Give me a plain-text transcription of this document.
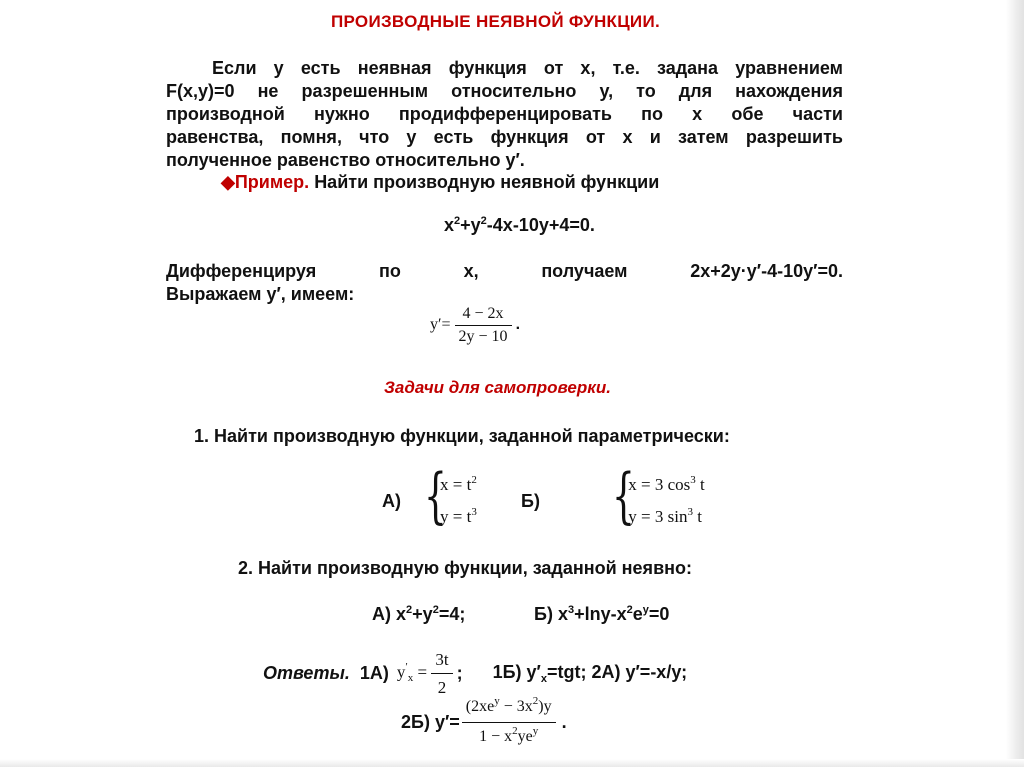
ПРОИЗВОДНЫЕ НЕЯВНОЙ ФУНКЦИИ.
Если у есть неявная функция от х, т.е. задана уравнением
F(x,y)=0 не разрешенным относительно у, то для нахождения
производной нужно продифференцировать по х обе части
равенства, помня, что у есть функция от х и затем разрешить
полученное равенство относительно у′.
◆Пример. Найти производную неявной функции
$x^2+y^2-4x-10y+4=0$.
Дифференцируя	по	х,	получаем	2х+2у·у′-4-10у′=0.
Выражаем у′, имеем:
$y'= \frac{4 - 2x}{2y - 10}$ .
Задачи для самопроверки.
1. Найти производную функции, заданной параметрически:
А) {
$x = t^2$
$y = t^3$

Б) {
x = 3 $\cos^3 t$
y = 3 $\sin^3 t$
2. Найти производную функции, заданной неявно:
А) $x^2+y^2=4$;	Б) $x^3+\ln y-x^2e^y=0$
Ответы. 1А) $y'_x = \frac{3t}{2}$ ; 1Б) $у'_х=tgt$; 2А) у′=-х/у;
2Б) $у'= \frac{(2xe^y - 3x^2)y}{1 - x^2ye^y}$ .
